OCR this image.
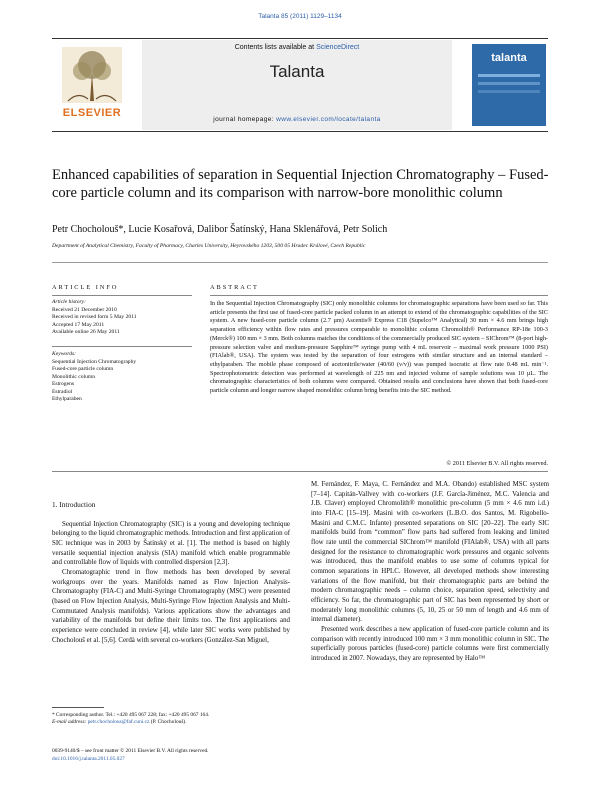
Talanta 85 (2011) 1129–1134
ELSEVIER
Contents lists available at ScienceDirect
Talanta
journal homepage: www.elsevier.com/locate/talanta
talanta
Enhanced capabilities of separation in Sequential Injection Chromatography – Fused-core particle column and its comparison with narrow-bore monolithic column
Petr Chocholouš*, Lucie Kosařová, Dalibor Šatínský, Hana Sklenářová, Petr Solich
Department of Analytical Chemistry, Faculty of Pharmacy, Charles University, Heyrovského 1203, 500 05 Hradec Králové, Czech Republic
ARTICLE INFO	ABSTRACT
Article history:
Received 21 December 2010
Received in revised form 5 May 2011
Accepted 17 May 2011
Available online 26 May 2011
Keywords:
Sequential Injection Chromatography
Fused-core particle column
Monolithic column
Estrogens
Estradiol
Ethylparaben
In the Sequential Injection Chromatography (SIC) only monolithic columns for chromatographic separations have been used so far. This article presents the first use of fused-core particle packed column in an attempt to extend of the chromatographic capabilities of the SIC system. A new fused-core particle column (2.7 µm) Ascentis® Express C18 (Supelco™ Analytical) 30 mm × 4.6 mm brings high separation efficiency within flow rates and pressures comparable to monolithic column Chromolith® Performance RP-18e 100-3 (Merck®) 100 mm × 3 mm. Both columns matches the conditions of the commercially produced SIC system – SIChrom™ (8-port high-pressure selection valve and medium-pressure Sapphire™ syringe pump with 4 mL reservoir – maximal work pressure 1000 PSI) (FIAlab®, USA). The system was tested by the separation of four estrogens with similar structure and an internal standard – ethylparaben. The mobile phase composed of acetonitrile/water (40/60 (v/v)) was pumped isocratic at flow rate 0.48 mL min⁻¹. Spectrophotometric detection was performed at wavelength of 225 nm and injected volume of sample solutions was 10 µL. The chromatographic characteristics of both columns were compared. Obtained results and conclusions have shown that both fused-core particle column and longer narrow shaped monolithic column bring benefits into the SIC method.
© 2011 Elsevier B.V. All rights reserved.
1. Introduction

Sequential Injection Chromatography (SIC) is a young and developing technique belonging to the liquid chromatographic methods. Introduction and first application of SIC technique was in 2003 by Šatínský et al. [1]. The method is based on highly versatile sequential injection analysis (SIA) manifold which enable programmable and controllable flow of liquids with controlled dispersion [2,3].

Chromatographic trend in flow methods has been developed by several workgroups over the years. Manifolds named as Flow Injection Analysis-Chromatography (FIA-C) and Multi-Syringe Chromatography (MSC) were presented (based on Flow Injection Analysis, Multi-Syringe Flow Injection Analysis and Multi-Commutated Analysis manifolds). Various applications show the advantages and variability of the manifolds but define their limits too. The first applications and experience were concluded in review [4], while later SIC works were published by Chocholouš et al. [5,6]. Cerdà with several co-workers (González-San Miguel,

M. Fernández, F. Maya, C. Fernández and M.A. Obando) established MSC system [7–14]. Capitán-Vallvey with co-workers (J.F. García-Jiménez, M.C. Valencia and J.B. Claver) employed Chromolith® monolithic pre-column (5 mm × 4.6 mm i.d.) into FIA-C [15–19]. Masini with co-workers (L.B.O. dos Santos, M. Rigobello-Masini and C.M.C. Infante) presented separations on SIC [20–22]. The early SIC manifolds build from “common” flow parts had suffered from leaking and limited flow rate until the commercial SIChrom™ manifold (FIAlab®, USA) with all parts designed for the resistance to chromatographic work pressures and organic solvents was introduced, thus the manifold enables to use some of columns typical for common separations in HPLC. However, all developed methods show interesting variations of the flow manifold, but their chromatographic parts are behind the modern chromatographic needs – column choice, separation speed, selectivity and efficiency. So far, the chromatographic part of SIC has been represented by short or moderately long monolithic columns (5, 10, 25 or 50 mm of length and 4.6 mm of internal diameter).

Presented work describes a new application of fused-core particle column and its comparison with recently introduced 100 mm × 3 mm monolithic column in SIC. The superficially porous particles (fused-core) particle columns were first commercially introduced in 2007. Nowadays, they are represented by Halo™

* Corresponding author. Tel.: +420 495 067 228; fax: +420 495 067 164.
E-mail address: petr.chocholous@faf.cuni.cz (P. Chocholouš).
0039-9140/$ – see front matter © 2011 Elsevier B.V. All rights reserved.
doi:10.1016/j.talanta.2011.05.027
